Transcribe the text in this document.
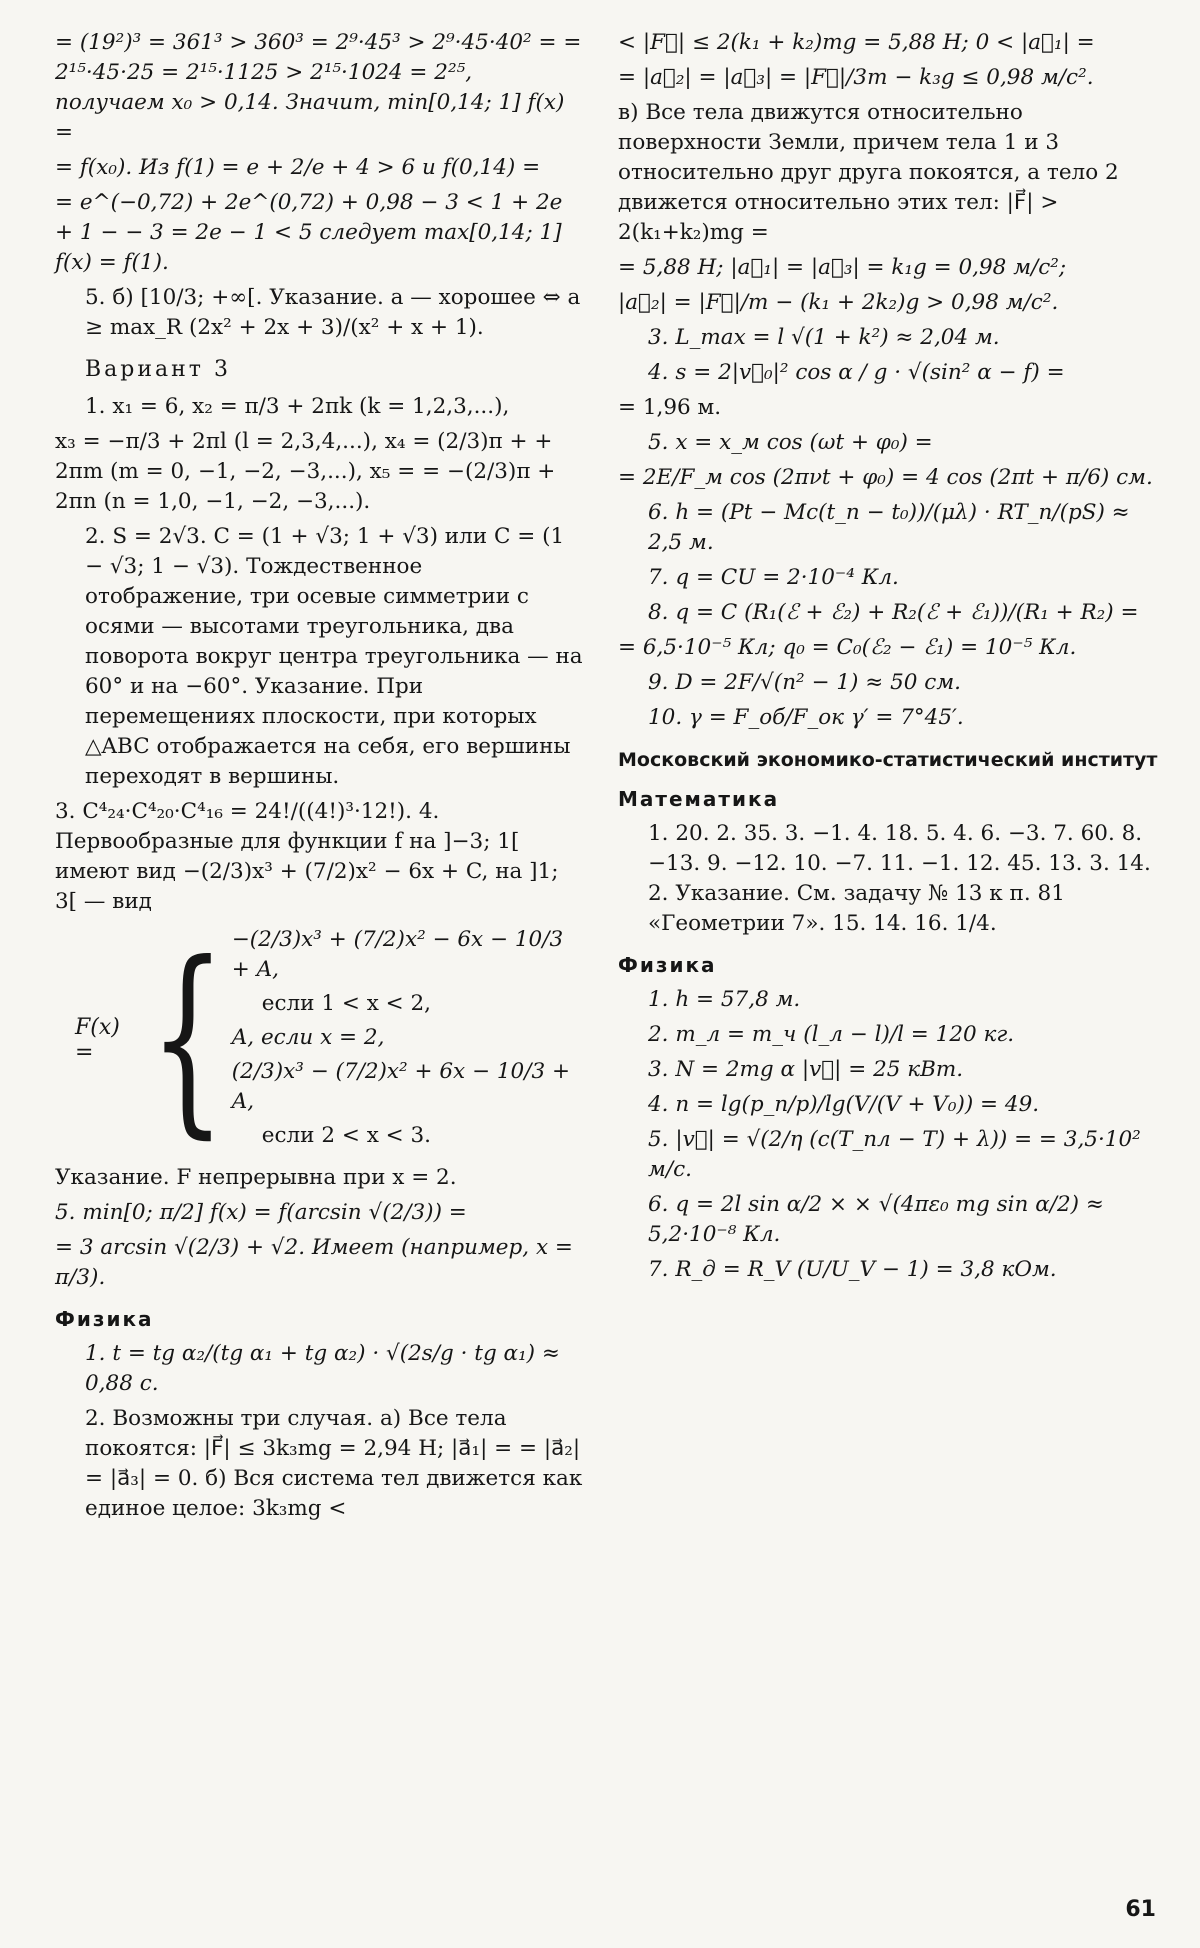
= (19²)³ = 361³ > 360³ = 2⁹·45³ > 2⁹·45·40² = = 2¹⁵·45·25 = 2¹⁵·1125 > 2¹⁵·1024 = 2²⁵, получаем x₀ > 0,14. Значит, min[0,14; 1] f(x) =

= f(x₀). Из f(1) = e + 2/e + 4 > 6 и f(0,14) =

= e^(−0,72) + 2e^(0,72) + 0,98 − 3 < 1 + 2e + 1 − − 3 = 2e − 1 < 5 следует max[0,14; 1] f(x) = f(1).

5. б) [10/3; +∞[. Указание. a — хорошее ⇔ a ≥ max_R (2x² + 2x + 3)/(x² + x + 1).

Вариант 3

1. x₁ = 6, x₂ = π/3 + 2πk (k = 1,2,3,...),

x₃ = −π/3 + 2πl (l = 2,3,4,...), x₄ = (2/3)π + + 2πm (m = 0, −1, −2, −3,...), x₅ = = −(2/3)π + 2πn (n = 1,0, −1, −2, −3,...).

2. S = 2√3. C = (1 + √3; 1 + √3) или C = (1 − √3; 1 − √3). Тождественное отображение, три осевые симметрии с осями — высотами треугольника, два поворота вокруг центра треугольника — на 60° и на −60°. Указание. При перемещениях плоскости, при которых △ABC отображается на себя, его вершины переходят в вершины.

3. C⁴₂₄·C⁴₂₀·C⁴₁₆ = 24!/((4!)³·12!). 4. Первообразные для функции f на ]−3; 1[ имеют вид −(2/3)x³ + (7/2)x² − 6x + C, на ]1; 3[ — вид

F(x) = { −(2/3)x³ + (7/2)x² − 6x − 10/3 + A,

если 1 < x < 2,

A, если x = 2,

(2/3)x³ − (7/2)x² + 6x − 10/3 + A,

если 2 < x < 3.

Указание. F непрерывна при x = 2.

5. min[0; π/2] f(x) = f(arcsin √(2/3)) =

= 3 arcsin √(2/3) + √2. Имеет (например, x = π/3).

Физика

1. t = tg α₂/(tg α₁ + tg α₂) · √(2s/g · tg α₁) ≈ 0,88 с.

2. Возможны три случая. а) Все тела покоятся: |F⃗| ≤ 3k₃mg = 2,94 Н; |a⃗₁| = = |a⃗₂| = |a⃗₃| = 0. б) Вся система тел движется как единое целое: 3k₃mg <

< |F⃗| ≤ 2(k₁ + k₂)mg = 5,88 Н; 0 < |a⃗₁| =

= |a⃗₂| = |a⃗₃| = |F⃗|/3m − k₃g ≤ 0,98 м/с².

в) Все тела движутся относительно поверхности Земли, причем тела 1 и 3 относительно друг друга покоятся, а тело 2 движется относительно этих тел: |F⃗| > 2(k₁+k₂)mg =

= 5,88 Н; |a⃗₁| = |a⃗₃| = k₁g = 0,98 м/с²;

|a⃗₂| = |F⃗|/m − (k₁ + 2k₂)g > 0,98 м/с².

3. L_max = l √(1 + k²) ≈ 2,04 м.

4. s = 2|v⃗₀|² cos α / g · √(sin² α − f) =

= 1,96 м.

5. x = x_м cos (ωt + φ₀) =

= 2E/F_м cos (2πνt + φ₀) = 4 cos (2πt + π/6) см.

6. h = (Pt − Mc(t_п − t₀))/(μλ) · RT_п/(pS) ≈ 2,5 м.

7. q = CU = 2·10⁻⁴ Кл.

8. q = C (R₁(ℰ + ℰ₂) + R₂(ℰ + ℰ₁))/(R₁ + R₂) =

= 6,5·10⁻⁵ Кл; q₀ = C₀(ℰ₂ − ℰ₁) = 10⁻⁵ Кл.

9. D = 2F/√(n² − 1) ≈ 50 см.

10. γ = F_об/F_ок γ′ = 7°45′.

Московский экономико-статистический институт
Математика

1. 20. 2. 35. 3. −1. 4. 18. 5. 4. 6. −3. 7. 60. 8. −13. 9. −12. 10. −7. 11. −1. 12. 45. 13. 3. 14. 2. Указание. См. задачу № 13 к п. 81 «Геометрии 7». 15. 14. 16. 1/4.

Физика

1. h = 57,8 м.

2. m_л = m_ч (l_л − l)/l = 120 кг.

3. N = 2mg α |v⃗| = 25 кВт.

4. n = lg(p_n/p)/lg(V/(V + V₀)) = 49.

5. |v⃗| = √(2/η (c(T_пл − T) + λ)) = = 3,5·10² м/с.

6. q = 2l sin α/2 × × √(4πε₀ mg sin α/2) ≈ 5,2·10⁻⁸ Кл.

7. R_д = R_V (U/U_V − 1) = 3,8 кОм.

61
